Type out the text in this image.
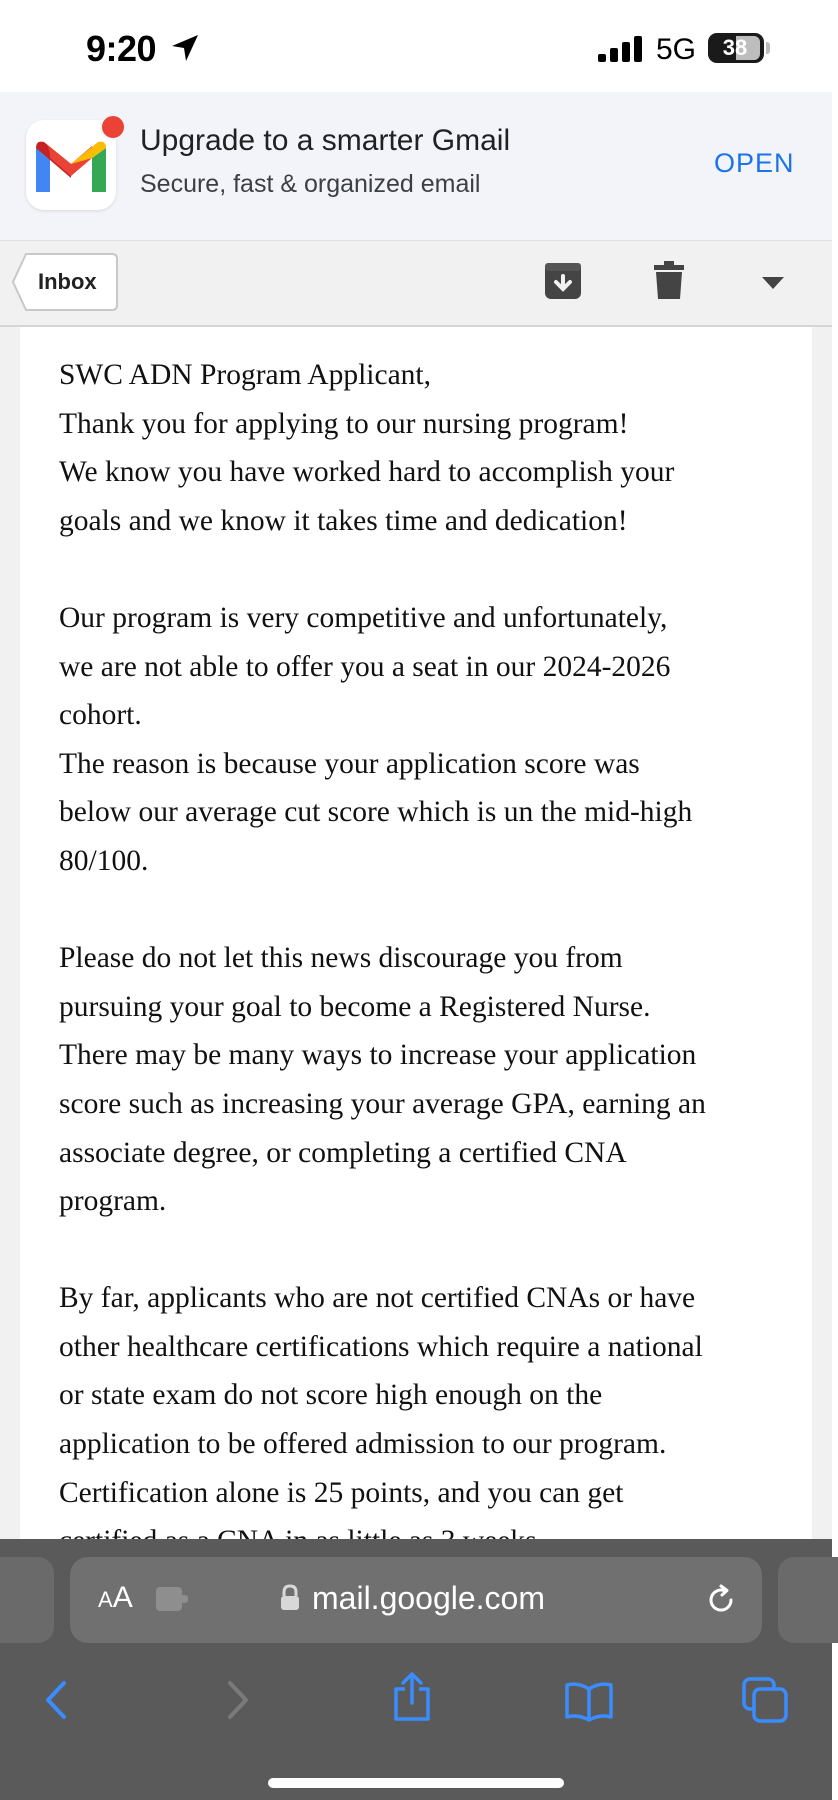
9:20	5G	38
Upgrade to a smarter Gmail
Secure, fast & organized email
OPEN
Inbox

SWC ADN Program Applicant,

Thank you for applying to our nursing program!

We know you have worked hard to accomplish your

goals and we know it takes time and dedication!

Our program is very competitive and unfortunately,

we are not able to offer you a seat in our 2024-2026

cohort.

The reason is because your application score was

below our average cut score which is un the mid-high

80/100.

Please do not let this news discourage you from

pursuing your goal to become a Registered Nurse.

There may be many ways to increase your application

score such as increasing your average GPA, earning an

associate degree, or completing a certified CNA

program.

By far, applicants who are not certified CNAs or have

other healthcare certifications which require a national

or state exam do not score high enough on the

application to be offered admission to our program.

Certification alone is 25 points, and you can get

AA	mail.google.com
